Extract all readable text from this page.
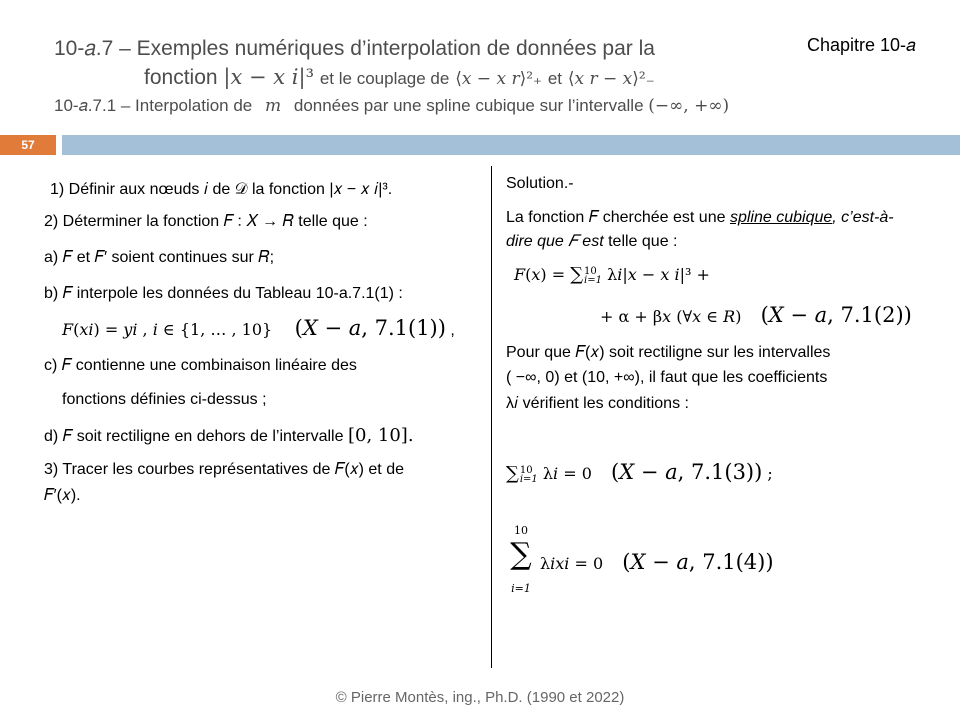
10-𝑎.7 – Exemples numériques d’interpolation de données par la
fonction |𝑥 − 𝑥 𝑖|³ et le couplage de ⟨𝑥 − 𝑥 𝑟⟩²₊ et ⟨𝑥 𝑟 − 𝑥⟩²₋
10-𝑎.7.1 – Interpolation de 𝑚 données par une spline cubique sur l’intervalle (−∞, +∞)
Chapitre 10-𝑎
57
1) Définir aux nœuds 𝑖 de 𝒟 la fonction |𝑥 − 𝑥 𝑖|³.
2) Déterminer la fonction 𝐹 ∶ 𝑋 → 𝑅 telle que :
a) 𝐹 et 𝐹′ soient continues sur 𝑅;
b) 𝐹 interpole les données du Tableau 10-a.7.1(1) :
𝐹(𝑥𝑖) = 𝑦𝑖 , 𝑖 ∈ {1, … , 10} (𝑋 − 𝑎, 7.1(1)) ,
c) 𝐹 contienne une combinaison linéaire des
fonctions définies ci-dessus ;
d) 𝐹 soit rectiligne en dehors de l’intervalle [0, 10].
3) Tracer les courbes représentatives de 𝐹(𝑥) et de
𝐹′(𝑥).
Solution.-
La fonction 𝐹 cherchée est une spline cubique, c’est-à-
dire que 𝐹 est telle que :
𝐹(𝑥) = ∑ 10
𝑖=1 λ𝑖|𝑥 − 𝑥 𝑖|³ +
+ α + β𝑥 (∀𝑥 ∈ 𝑅) (𝑋 − 𝑎, 7.1(2))
Pour que 𝐹(𝑥) soit rectiligne sur les intervalles
( −∞, 0) et (10, +∞), il faut que les coefficients
λ𝑖 vérifient les conditions :
∑ 10
𝑖=1 λ𝑖 = 0 (𝑋 − 𝑎, 7.1(3)) ;
10
∑
𝑖=1
λ𝑖𝑥𝑖 = 0 (𝑋 − 𝑎, 7.1(4))
© Pierre Montès, ing., Ph.D. (1990 et 2022)
